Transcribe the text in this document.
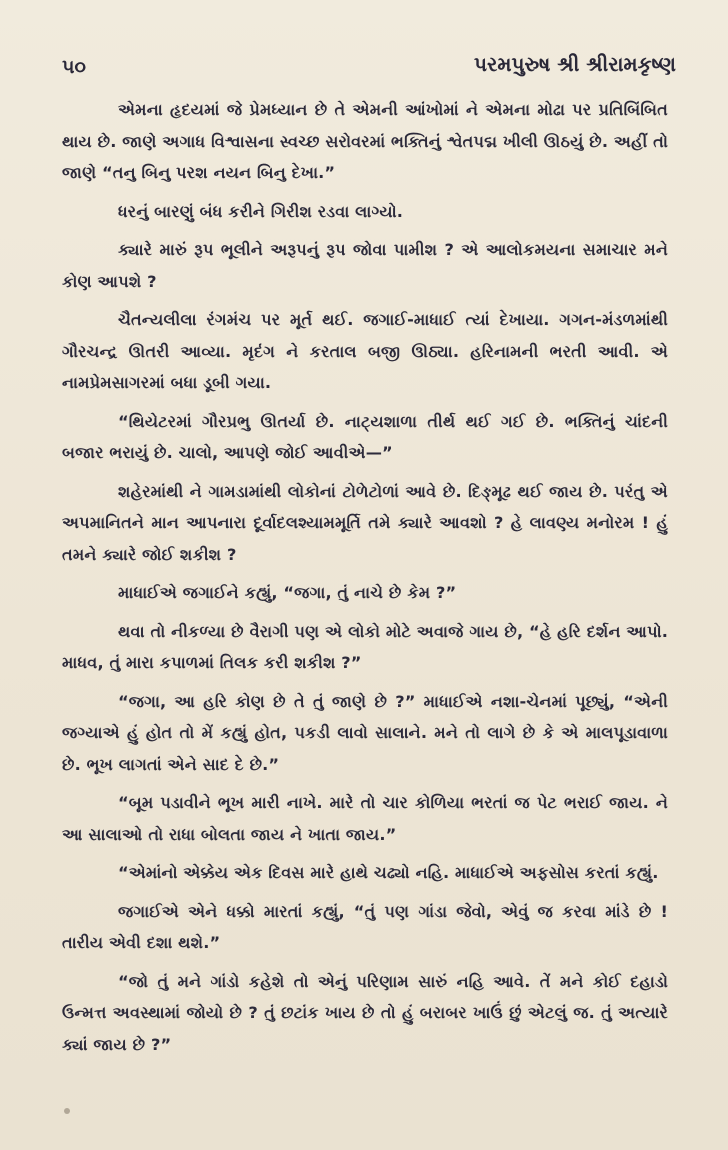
૫૦	પરમપુરુષ શ્રી શ્રીરામકૃષ્ણ

એમના હૃદયમાં જે પ્રેમધ્યાન છે તે એમની આંખોમાં ને એમના મોઢા પર પ્રતિબિંબિત થાય છે. જાણે અગાધ વિશ્વાસના સ્વચ્છ સરોવરમાં ભક્તિનું શ્વેતપદ્મ ખીલી ઊઠયું છે. અહીં તો જાણે “તનુ બિનુ પરશ નયન બિનુ દેખા.”

ધરનું બારણું બંધ કરીને ગિરીશ રડવા લાગ્યો.

ક્યારે મારું રૂપ ભૂલીને અરૂપનું રૂપ જોવા પામીશ ? એ આલોકમયના સમાચાર મને કોણ આપશે ?

ચૈતન્યલીલા રંગમંચ પર મૂર્ત થઈ. જગાઈ-માધાઈ ત્યાં દેખાયા. ગગન-મંડળમાંથી ગૌરચન્દ્ર ઊતરી આવ્યા. મૃદંગ ને કરતાલ બજી ઊઠ્યા. હરિનામની ભરતી આવી. એ નામપ્રેમસાગરમાં બધા ડૂબી ગયા.

“થિયેટરમાં ગૌરપ્રભુ ઊતર્યા છે. નાટ્યશાળા તીર્થ થઈ ગઈ છે. ભક્તિનું ચાંદની બજાર ભરાયું છે. ચાલો, આપણે જોઈ આવીએ—”

શહેરમાંથી ને ગામડામાંથી લોકોનાં ટોળેટોળાં આવે છે. દિઙ્મૂઢ થઈ જાય છે. પરંતુ એ અપમાનિતને માન આપનારા દૂર્વાદલશ્યામમૂર્તિ તમે ક્યારે આવશો ? હે લાવણ્ય મનોરમ ! હું તમને ક્યારે જોઈ શકીશ ?

માધાઈએ જગાઈને કહ્યું, “જગા, તું નાચે છે કેમ ?”

થવા તો નીકળ્યા છે વૈરાગી પણ એ લોકો મોટે અવાજે ગાય છે, “હે હરિ દર્શન આપો. માધવ, તું મારા કપાળમાં તિલક કરી શકીશ ?”

“જગા, આ હરિ કોણ છે તે તું જાણે છે ?” માધાઈએ નશા-ચેનમાં પૂછ્યું, “એની જગ્યાએ હું હોત તો મેં કહ્યું હોત, પકડી લાવો સાલાને. મને તો લાગે છે કે એ માલપૂડાવાળા છે. ભૂખ લાગતાં એને સાદ દે છે.”

“બૂમ પડાવીને ભૂખ મારી નાખે. મારે તો ચાર કોળિયા ભરતાં જ પેટ ભરાઈ જાય. ને આ સાલાઓ તો રાધા બોલતા જાય ને ખાતા જાય.”

“એમાંનો એક્કેય એક દિવસ મારે હાથે ચઢ્યો નહિ. માધાઈએ અફસોસ કરતાં કહ્યું.

જગાઈએ એને ધક્કો મારતાં કહ્યું, “તું પણ ગાંડા જેવો, એવું જ કરવા માંડે છે ! તારીય એવી દશા થશે.”

“જો તું મને ગાંડો કહેશે તો એનું પરિણામ સારું નહિ આવે. તેં મને કોઈ દહાડો ઉન્મત્ત અવસ્થામાં જોયો છે ? તું છટાંક ખાય છે તો હું બરાબર ખાઉં છું એટલું જ. તું અત્યારે ક્યાં જાય છે ?”
